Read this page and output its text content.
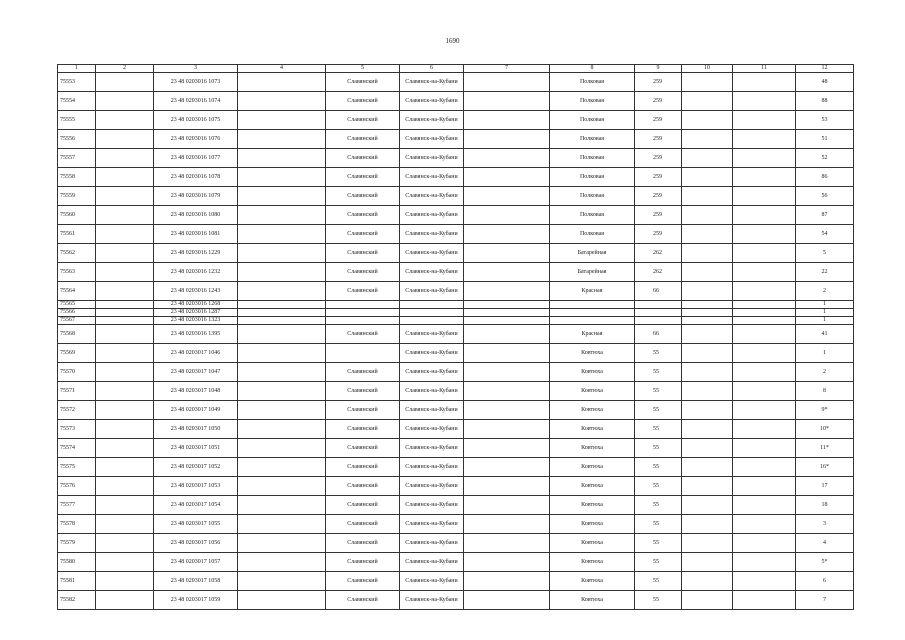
1690
1	2	3	4	5	6	7	8	9	10	11	12
75553		23 48 0203016 1073		Славянский	Славянск-на-Кубани		Полковая	259			48
75554		23 48 0203016 1074		Славянский	Славянск-на-Кубани		Полковая	259			88
75555		23 48 0203016 1075		Славянский	Славянск-на-Кубани		Полковая	259			53
75556		23 48 0203016 1076		Славянский	Славянск-на-Кубани		Полковая	259			51
75557		23 48 0203016 1077		Славянский	Славянск-на-Кубани		Полковая	259			52
75558		23 48 0203016 1078		Славянский	Славянск-на-Кубани		Полковая	259			86
75559		23 48 0203016 1079		Славянский	Славянск-на-Кубани		Полковая	259			56
75560		23 48 0203016 1080		Славянский	Славянск-на-Кубани		Полковая	259			87
75561		23 48 0203016 1081		Славянский	Славянск-на-Кубани		Полковая	259			54
75562		23 48 0203016 1229		Славянский	Славянск-на-Кубани		Батарейная	262			5
75563		23 48 0203016 1232		Славянский	Славянск-на-Кубани		Батарейная	262			22
75564		23 48 0203016 1243		Славянский	Славянск-на-Кубани		Красная	66			2
75565		23 48 0203016 1268									1
75566		23 48 0203016 1287									1
75567		23 48 0203016 1323									1
75568		23 48 0203016 1395		Славянский	Славянск-на-Кубани		Красная	66			41
75569		23 48 0203017 1046			Славянск-на-Кубани		Ковтюха	55			1
75570		23 48 0203017 1047		Славянский	Славянск-на-Кубани		Ковтюха	55			2
75571		23 48 0203017 1048		Славянский	Славянск-на-Кубани		Ковтюха	55			8
75572		23 48 0203017 1049		Славянский	Славянск-на-Кубани		Ковтюха	55			9*
75573		23 48 0203017 1050		Славянский	Славянск-на-Кубани		Ковтюха	55			10*
75574		23 48 0203017 1051		Славянский	Славянск-на-Кубани		Ковтюха	55			11*
75575		23 48 0203017 1052		Славянский	Славянск-на-Кубани		Ковтюха	55			16*
75576		23 48 0203017 1053		Славянский	Славянск-на-Кубани		Ковтюха	55			17
75577		23 48 0203017 1054		Славянский	Славянск-на-Кубани		Ковтюха	55			18
75578		23 48 0203017 1055		Славянский	Славянск-на-Кубани		Ковтюха	55			3
75579		23 48 0203017 1056		Славянский	Славянск-на-Кубани		Ковтюха	55			4
75580		23 48 0203017 1057		Славянский	Славянск-на-Кубани		Ковтюха	55			5*
75581		23 48 0203017 1058		Славянский	Славянск-на-Кубани		Ковтюха	55			6
75582		23 48 0203017 1059		Славянский	Славянск-на-Кубани		Ковтюха	55			7
